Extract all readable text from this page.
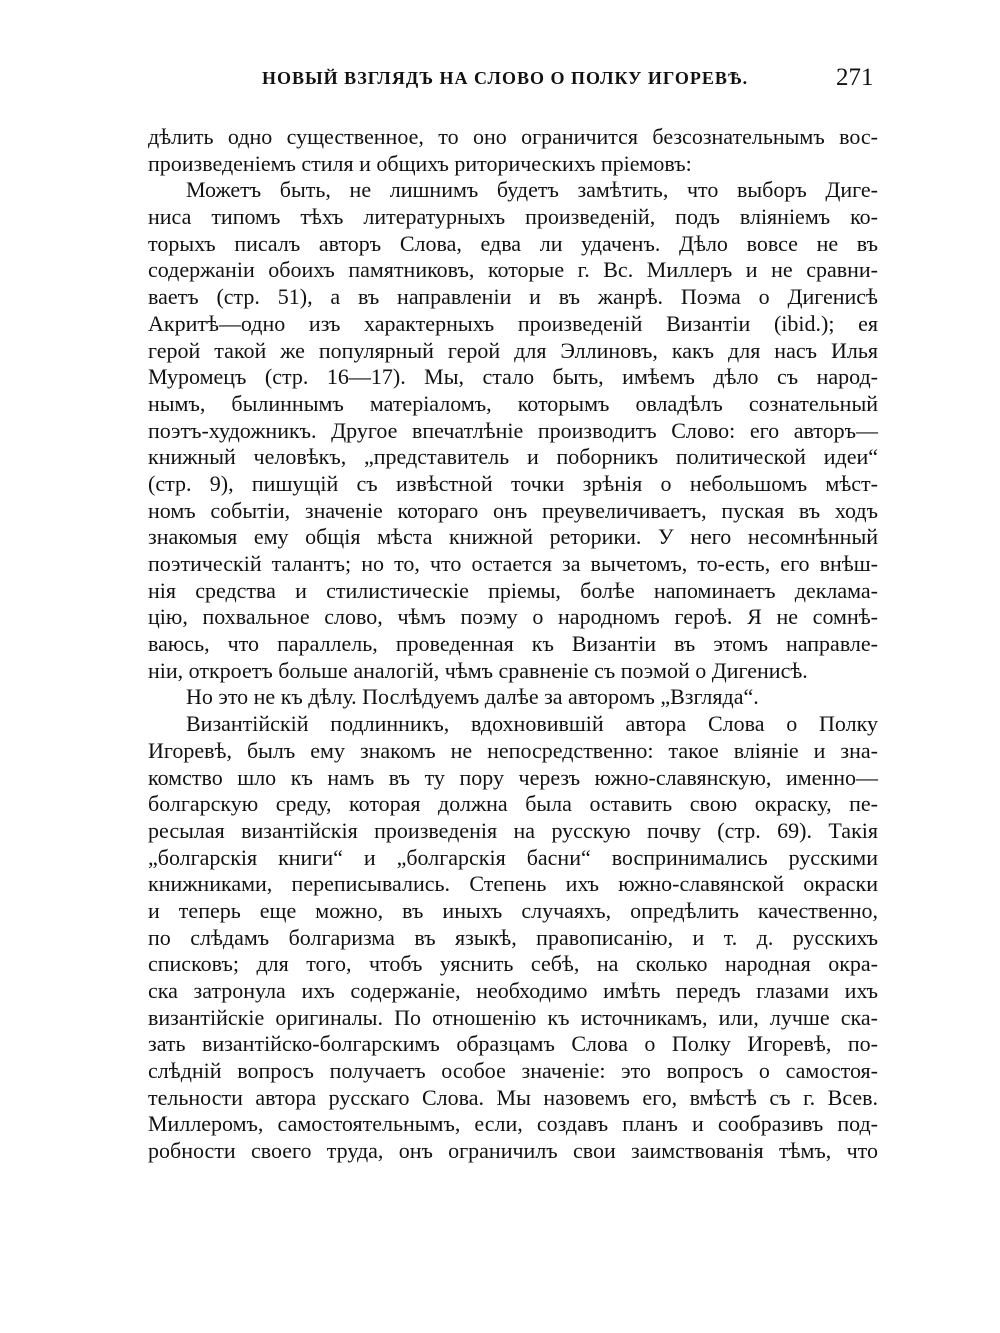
НОВЫЙ ВЗГЛЯДЪ НА СЛОВО О ПОЛКУ ИГОРЕВѢ.	271
дѣлить одно существенное, то оно ограничится безсознательнымъ вос-
произведеніемъ стиля и общихъ риторическихъ пріемовъ:
Можетъ быть, не лишнимъ будетъ замѣтить, что выборъ Диге-
ниса типомъ тѣхъ литературныхъ произведеній, подъ вліяніемъ ко-
торыхъ писалъ авторъ Слова, едва ли удаченъ. Дѣло вовсе не въ
содержаніи обоихъ памятниковъ, которые г. Вс. Миллеръ и не сравни-
ваетъ (стр. 51), а въ направленіи и въ жанрѣ. Поэма о Дигенисѣ
Акритѣ—одно изъ характерныхъ произведеній Византіи (ibid.); ея
герой такой же популярный герой для Эллиновъ, какъ для насъ Илья
Муромецъ (стр. 16—17). Мы, стало быть, имѣемъ дѣло съ народ-
нымъ, былиннымъ матеріаломъ, которымъ овладѣлъ сознательный
поэтъ-художникъ. Другое впечатлѣніе производитъ Слово: его авторъ—
книжный человѣкъ, „представитель и поборникъ политической идеи“
(стр. 9), пишущій съ извѣстной точки зрѣнія о небольшомъ мѣст-
номъ событіи, значеніе котораго онъ преувеличиваетъ, пуская въ ходъ
знакомыя ему общія мѣста книжной реторики. У него несомнѣнный
поэтическій талантъ; но то, что остается за вычетомъ, то-есть, его внѣш-
нія средства и стилистическіе пріемы, болѣе напоминаетъ деклама-
цію, похвальное слово, чѣмъ поэму о народномъ героѣ. Я не сомнѣ-
ваюсь, что параллель, проведенная къ Византіи въ этомъ направле-
ніи, откроетъ больше аналогій, чѣмъ сравненіе съ поэмой о Дигенисѣ.
Но это не къ дѣлу. Послѣдуемъ далѣе за авторомъ „Взгляда“.
Византійскій подлинникъ, вдохновившій автора Слова о Полку
Игоревѣ, былъ ему знакомъ не непосредственно: такое вліяніе и зна-
комство шло къ намъ въ ту пору черезъ южно-славянскую, именно—
болгарскую среду, которая должна была оставить свою окраску, пе-
ресылая византійскія произведенія на русскую почву (стр. 69). Такія
„болгарскія книги“ и „болгарскія басни“ воспринимались русскими
книжниками, переписывались. Степень ихъ южно-славянской окраски
и теперь еще можно, въ иныхъ случаяхъ, опредѣлить качественно,
по слѣдамъ болгаризма въ языкѣ, правописанію, и т. д. русскихъ
списковъ; для того, чтобъ уяснить себѣ, на сколько народная окра-
ска затронула ихъ содержаніе, необходимо имѣть передъ глазами ихъ
византійскіе оригиналы. По отношенію къ источникамъ, или, лучше ска-
зать византійско-болгарскимъ образцамъ Слова о Полку Игоревѣ, по-
слѣдній вопросъ получаетъ особое значеніе: это вопросъ о самостоя-
тельности автора русскаго Слова. Мы назовемъ его, вмѣстѣ съ г. Всев.
Миллеромъ, самостоятельнымъ, если, создавъ планъ и сообразивъ под-
робности своего труда, онъ ограничилъ свои заимствованія тѣмъ, что
